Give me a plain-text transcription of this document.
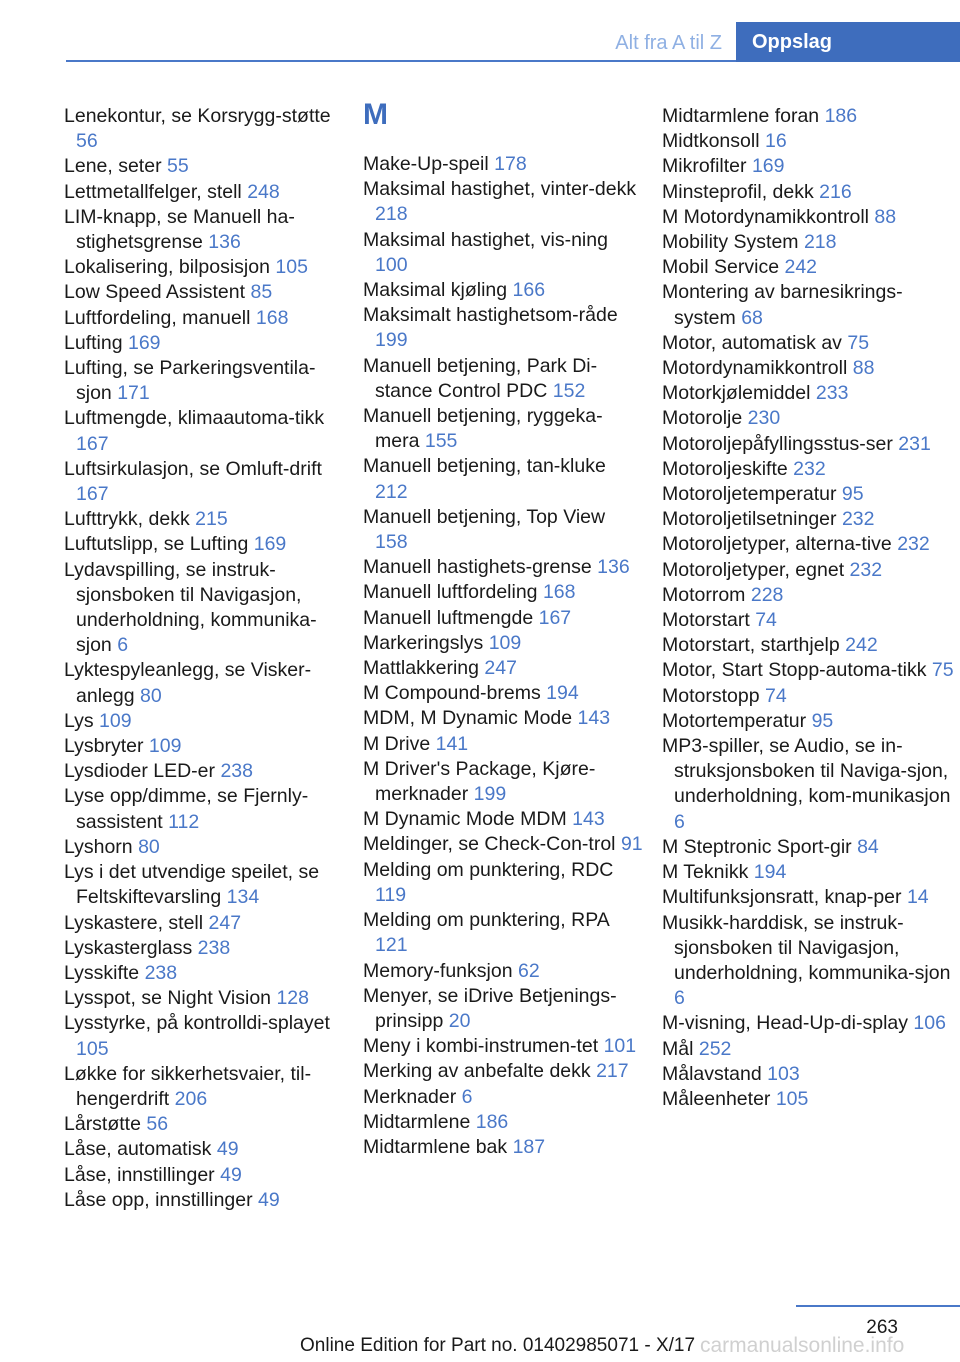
Alt fra A til Z	Oppslag
Lenekontur, se Korsrygg-støtte 56
Lene, seter 55
Lettmetallfelger, stell 248
LIM-knapp, se Manuell ha-stighetsgrense 136
Lokalisering, bilposisjon 105
Low Speed Assistent 85
Luftfordeling, manuell 168
Lufting 169
Lufting, se Parkeringsventila-sjon 171
Luftmengde, klimaautoma-tikk 167
Luftsirkulasjon, se Omluft-drift 167
Lufttrykk, dekk 215
Luftutslipp, se Lufting 169
Lydavspilling, se instruk-sjonsboken til Navigasjon, underholdning, kommunika-sjon 6
Lyktespyleanlegg, se Visker-anlegg 80
Lys 109
Lysbryter 109
Lysdioder LED-er 238
Lyse opp/dimme, se Fjernly-sassistent 112
Lyshorn 80
Lys i det utvendige speilet, se Feltskiftevarsling 134
Lyskastere, stell 247
Lyskasterglass 238
Lysskifte 238
Lysspot, se Night Vision 128
Lysstyrke, på kontrolldi-splayet 105
Løkke for sikkerhetsvaier, til-hengerdrift 206
Lårstøtte 56
Låse, automatisk 49
Låse, innstillinger 49
Låse opp, innstillinger 49
M
Make-Up-speil 178
Maksimal hastighet, vinter-dekk 218
Maksimal hastighet, vis-ning 100
Maksimal kjøling 166
Maksimalt hastighetsom-råde 199
Manuell betjening, Park Di-stance Control PDC 152
Manuell betjening, ryggeka-mera 155
Manuell betjening, tan-kluke 212
Manuell betjening, Top View 158
Manuell hastighets-grense 136
Manuell luftfordeling 168
Manuell luftmengde 167
Markeringslys 109
Mattlakkering 247
M Compound-brems 194
MDM, M Dynamic Mode 143
M Drive 141
M Driver's Package, Kjøre-merknader 199
M Dynamic Mode MDM 143
Meldinger, se Check-Con-trol 91
Melding om punktering, RDC 119
Melding om punktering, RPA 121
Memory-funksjon 62
Menyer, se iDrive Betjenings-prinsipp 20
Meny i kombi-instrumen-tet 101
Merking av anbefalte dekk 217
Merknader 6
Midtarmlene 186
Midtarmlene bak 187
Midtarmlene foran 186
Midtkonsoll 16
Mikrofilter 169
Minsteprofil, dekk 216
M Motordynamikkontroll 88
Mobility System 218
Mobil Service 242
Montering av barnesikrings-system 68
Motor, automatisk av 75
Motordynamikkontroll 88
Motorkjølemiddel 233
Motorolje 230
Motoroljepåfyllingsstus-ser 231
Motoroljeskifte 232
Motoroljetemperatur 95
Motoroljetilsetninger 232
Motoroljetyper, alterna-tive 232
Motoroljetyper, egnet 232
Motorrom 228
Motorstart 74
Motorstart, starthjelp 242
Motor, Start Stopp-automa-tikk 75
Motorstopp 74
Motortemperatur 95
MP3-spiller, se Audio, se in-struksjonsboken til Naviga-sjon, underholdning, kom-munikasjon 6
M Steptronic Sport-gir 84
M Teknikk 194
Multifunksjonsratt, knap-per 14
Musikk-harddisk, se instruk-sjonsboken til Navigasjon, underholdning, kommunika-sjon 6
M-visning, Head-Up-di-splay 106
Mål 252
Målavstand 103
Måleenheter 105
263
Online Edition for Part no. 01402985071 - X/17 carmanualsonline.info
